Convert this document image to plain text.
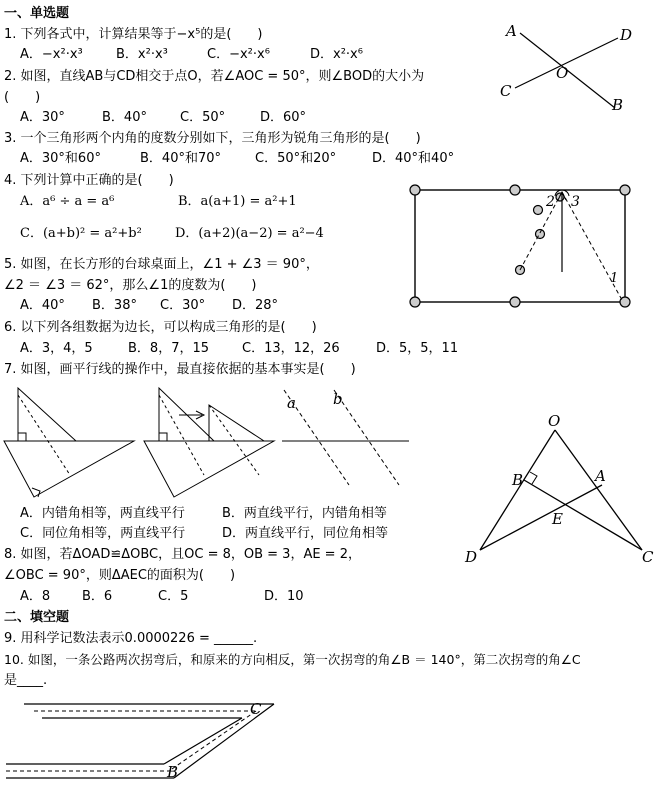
一、单选题
1. 下列各式中，计算结果等于−x⁵的是(　　)
A．−x²·x³	B．x²·x³	C．−x²·x⁶	D．x²·x⁶
2. 如图，直线AB与CD相交于点O，若∠AOC = 50°，则∠BOD的大小为
(　　)
A．30°	B．40°	C．50°	D．60°
A	D
O
C
B
3. 一个三角形两个内角的度数分别如下，三角形为锐角三角形的是(　　)
A．30°和60°	B．40°和70°	C．50°和20°	D．40°和40°
4. 下列计算中正确的是(　　)
A．a⁶ ÷ a = a⁶	B．a(a+1) = a²+1
C．(a+b)² = a²+b²	D．(a+2)(a−2) = a²−4
2 3
1
5. 如图，在长方形的台球桌面上，∠1 + ∠3 ＝ 90°，
∠2 ＝ ∠3 ＝ 62°，那么∠1的度数为(　　)
A．40° B．38° C．30° D．28°
6. 以下列各组数据为边长，可以构成三角形的是(　　)
A．3，4，5	B．8，7，15	C．13，12，26	D．5，5，11
7. 如图，画平行线的操作中，最直接依据的基本事实是(　　)
a b
A．内错角相等，两直线平行	B．两直线平行，内错角相等
C．同位角相等，两直线平行	D．两直线平行，同位角相等
O
B	A
E
D	C
8. 如图，若ΔOAD≌ΔOBC，且OC = 8，OB = 3，AE = 2，
∠OBC = 90°，则ΔAEC的面积为(　　)
A．8 B．6	C．5	D．10
二、填空题
9. 用科学记数法表示0.0000226 = ______.
10. 如图，一条公路两次拐弯后，和原来的方向相反，第一次拐弯的角∠B ＝ 140°，第二次拐弯的角∠C
是____.
C
B
